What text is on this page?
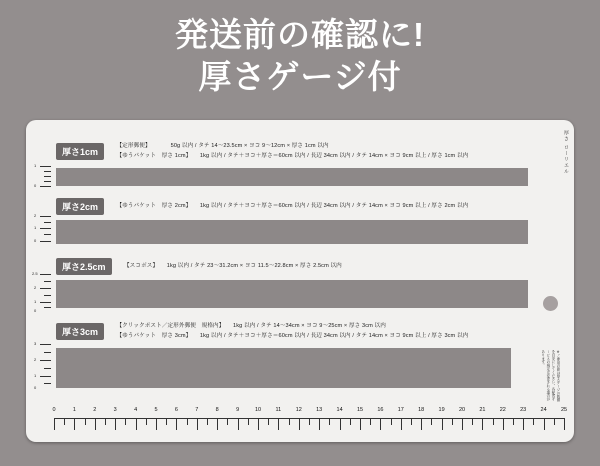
発送前の確認に!
厚さゲージ付
厚さ ローリエル
厚さ1cm
【定形郵便】　　　　50g 以内 / タテ 14〜23.5cm × ヨコ 9〜12cm × 厚さ 1cm 以内
【ゆうパケット　厚さ 1cm】　　1kg 以内 / タテ＋ヨコ＋厚さ＝60cm 以内 / 長辺 34cm 以内 / タテ 14cm × ヨコ 9cm 以上 / 厚さ 1cm 以内
1
0
厚さ2cm	【ゆうパケット　厚さ 2cm】　　1kg 以内 / タテ＋ヨコ＋厚さ＝60cm 以内 / 長辺 34cm 以内 / タテ 14cm × ヨコ 9cm 以上 / 厚さ 2cm 以内
2
1
0
厚さ2.5cm	【スコポス】　　1kg 以内 / タテ 23〜31.2cm × ヨコ 11.5〜22.8cm × 厚さ 2.5cm 以内
2.5
2
1
0
厚さ3cm
【クリックポスト／定形外郵便　規格内】　　1kg 以内 / タテ 14〜34cm × ヨコ 9〜25cm × 厚さ 3cm 以内
【ゆうパケット　厚さ 3cm】　　1kg 以内 / タテ＋ヨコ＋厚さ＝60cm 以内 / 長辺 34cm 以内 / タテ 14cm × ヨコ 9cm 以上 / 厚さ 3cm 以内
3
2
1
0	※ご使用の際は厚さゲージの数値を目安にしてください。各配送サービスの規定は変更される場合があります。
0	1	2	3	4	5	6	7	8	9	10	11	12	13	14	15	16	17	18	19	20	21	22	23	24	25
